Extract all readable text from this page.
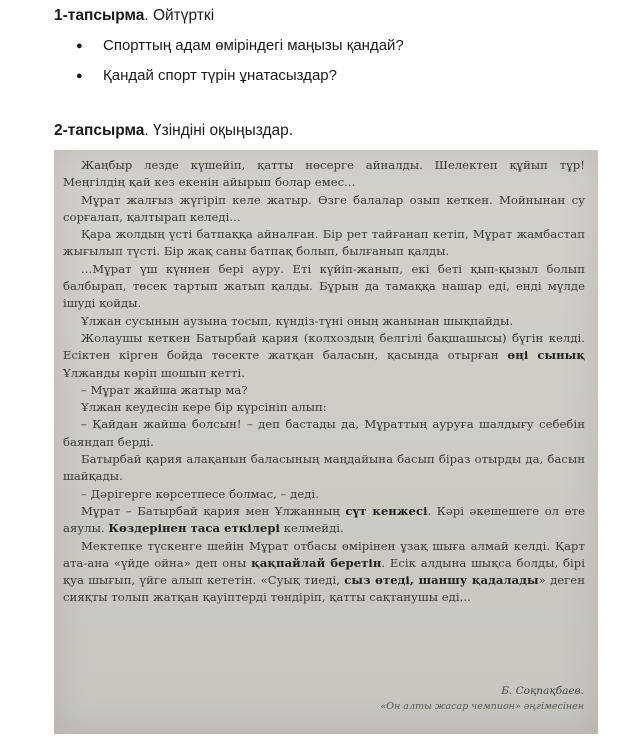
1-тапсырма. Ойтүрткі
● Спорттың адам өміріндегі маңызы қандай?
● Қандай спорт түрін ұнатасыздар?
2-тапсырма. Үзіндіні оқыңыздар.

Жаңбыр лезде күшейіп, қатты нөсерге айналды. Шелектеп құйып тұр! Меңгілдің қай кез екенін айырып болар емес...

Мұрат жалғыз жүгіріп келе жатыр. Өзге балалар озып кеткен. Мойнынан су сорғалап, қалтырап келеді...

Қара жолдың үсті батпаққа айналған. Бір рет тайғанап кетіп, Мұрат жамбастап жығылып түсті. Бір жақ саны батпақ болып, былғанып қалды.

...Мұрат үш күннен бері ауру. Еті күйіп-жанып, екі беті қып-қызыл болып балбырап, төсек тартып жатып қалды. Бұрын да тамаққа нашар еді, енді мүлде ішуді қойды.

Ұлжан сусынын аузына тосып, күндіз-түні оның жанынан шықпайды.

Жолаушы кеткен Батырбай қария (колхоздың белгілі бақшашысы) бүгін келді. Есіктен кірген бойда төсекте жатқан баласын, қасында отырған өңі сынық Ұлжанды көріп шошып кетті.

– Мұрат жайша жатыр ма?

Ұлжан кеудесін кере бір күрсініп алып:

– Қайдан жайша болсын! – деп бастады да, Мұраттың ауруға шалдығу себебін баяндап берді.

Батырбай қария алақанын баласының маңдайына басып біраз отырды да, басын шайқады.

– Дәрігерге көрсетпесе болмас, – деді.

Мұрат – Батырбай қария мен Ұлжанның сүт кенжесі. Кәрі әкешешеге ол өте аяулы. Көздерінен таса еткілері келмейді.

Мектепке түскенге шейін Мұрат отбасы өмірінен ұзақ шыға алмай келді. Қарт ата-ана «үйде ойна» деп оны қақпайлай беретін. Есік алдына шықса болды, бірі қуа шығып, үйге алып кететін. «Суық тиеді, сыз өтеді, шаншу қадалады» деген сияқты толып жатқан қауіптерді төндіріп, қатты сақтанушы еді...

Б. Соқпақбаев.
«Он алты жасар чемпион» әңгімесінен
